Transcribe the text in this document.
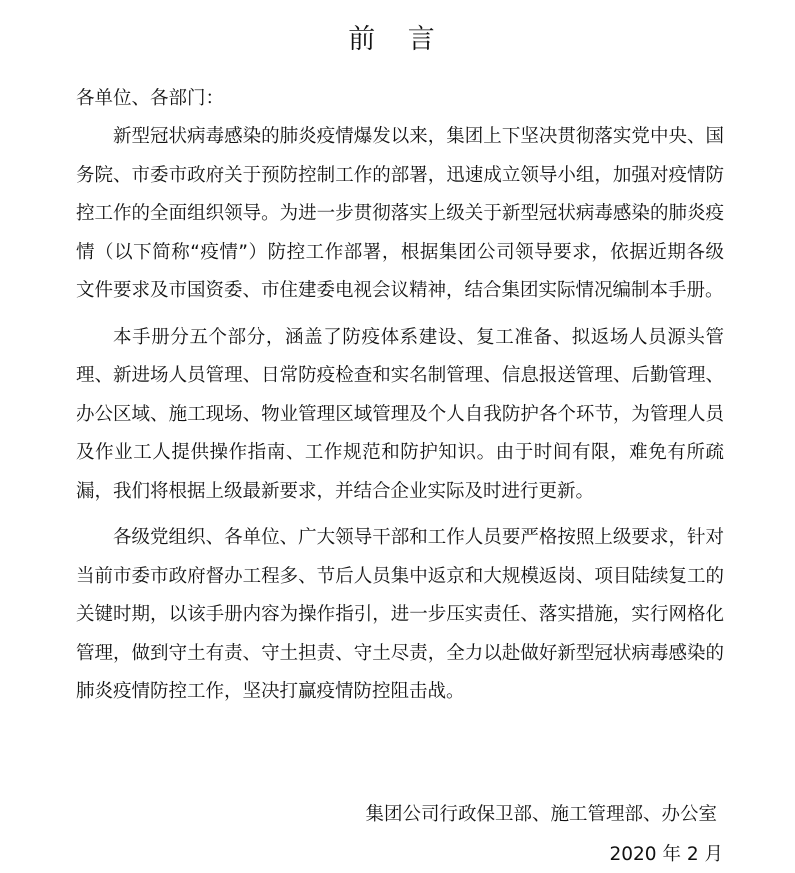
前 言

各单位、各部门：

新型冠状病毒感染的肺炎疫情爆发以来，集团上下坚决贯彻落实党中央、国务院、市委市政府关于预防控制工作的部署，迅速成立领导小组，加强对疫情防控工作的全面组织领导。为进一步贯彻落实上级关于新型冠状病毒感染的肺炎疫情（以下简称“疫情”）防控工作部署，根据集团公司领导要求，依据近期各级文件要求及市国资委、市住建委电视会议精神，结合集团实际情况编制本手册。

本手册分五个部分，涵盖了防疫体系建设、复工准备、拟返场人员源头管理、新进场人员管理、日常防疫检查和实名制管理、信息报送管理、后勤管理、办公区域、施工现场、物业管理区域管理及个人自我防护各个环节，为管理人员及作业工人提供操作指南、工作规范和防护知识。由于时间有限，难免有所疏漏，我们将根据上级最新要求，并结合企业实际及时进行更新。

各级党组织、各单位、广大领导干部和工作人员要严格按照上级要求，针对当前市委市政府督办工程多、节后人员集中返京和大规模返岗、项目陆续复工的关键时期，以该手册内容为操作指引，进一步压实责任、落实措施，实行网格化管理，做到守土有责、守土担责、守土尽责，全力以赴做好新型冠状病毒感染的肺炎疫情防控工作，坚决打赢疫情防控阻击战。

集团公司行政保卫部、施工管理部、办公室

2020 年 2 月
